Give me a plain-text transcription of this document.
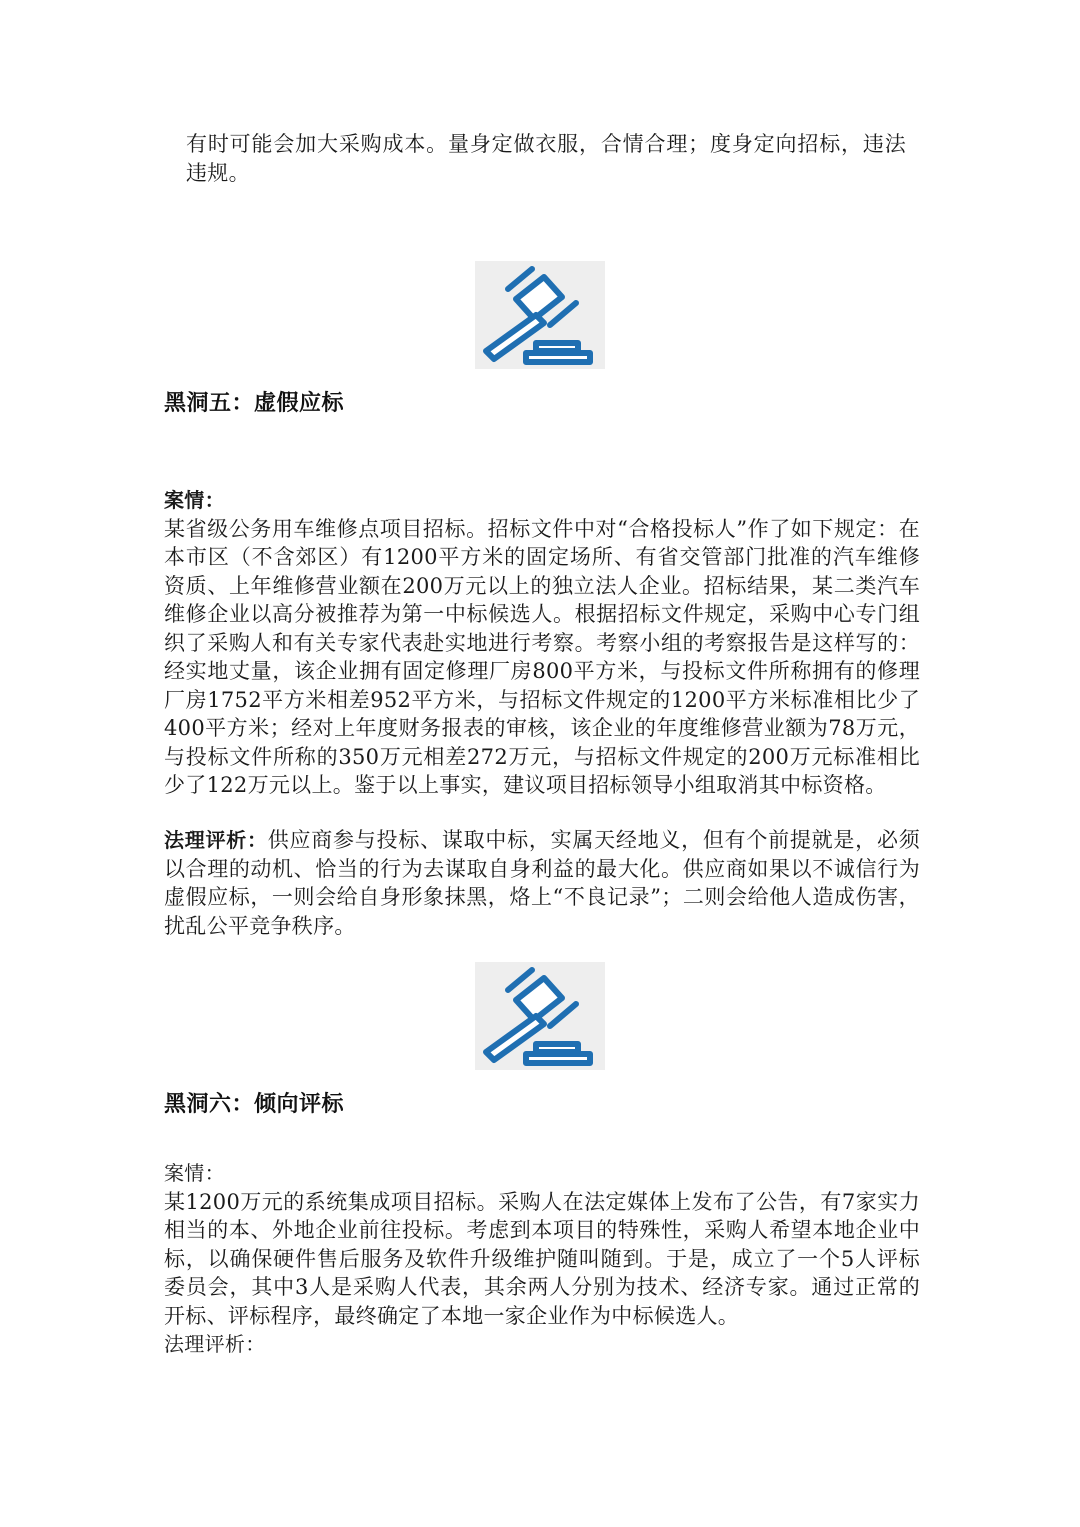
有时可能会加大采购成本。量身定做衣服，合情合理；度身定向招标，违法违规。
黑洞五：虚假应标
案情：
某省级公务用车维修点项目招标。招标文件中对“合格投标人”作了如下规定：在本市区（不含郊区）有1200平方米的固定场所、有省交管部门批准的汽车维修资质、上年维修营业额在200万元以上的独立法人企业。招标结果，某二类汽车维修企业以高分被推荐为第一中标候选人。根据招标文件规定，采购中心专门组织了采购人和有关专家代表赴实地进行考察。考察小组的考察报告是这样写的：经实地丈量，该企业拥有固定修理厂房800平方米，与投标文件所称拥有的修理厂房1752平方米相差952平方米，与招标文件规定的1200平方米标准相比少了400平方米；经对上年度财务报表的审核，该企业的年度维修营业额为78万元，与投标文件所称的350万元相差272万元，与招标文件规定的200万元标准相比少了122万元以上。鉴于以上事实，建议项目招标领导小组取消其中标资格。
法理评析：供应商参与投标、谋取中标，实属天经地义，但有个前提就是，必须以合理的动机、恰当的行为去谋取自身利益的最大化。供应商如果以不诚信行为虚假应标，一则会给自身形象抹黑，烙上“不良记录”；二则会给他人造成伤害，扰乱公平竞争秩序。
黑洞六：倾向评标
案情：
某1200万元的系统集成项目招标。采购人在法定媒体上发布了公告，有7家实力相当的本、外地企业前往投标。考虑到本项目的特殊性，采购人希望本地企业中标，以确保硬件售后服务及软件升级维护随叫随到。于是，成立了一个5人评标委员会，其中3人是采购人代表，其余两人分别为技术、经济专家。通过正常的开标、评标程序，最终确定了本地一家企业作为中标候选人。
法理评析：
